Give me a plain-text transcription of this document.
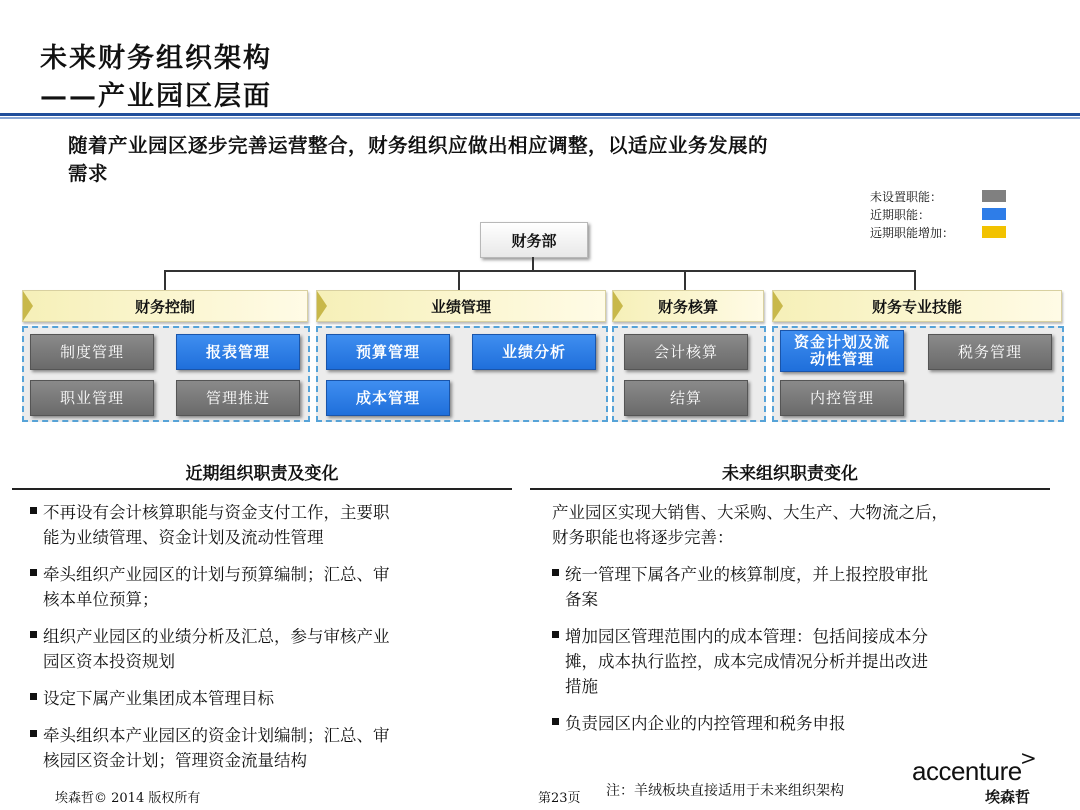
未来财务组织架构
——产业园区层面
随着产业园区逐步完善运营整合，财务组织应做出相应调整，以适应业务发展的
需求
未设置职能：
近期职能：
远期职能增加：
财务部
财务控制	业绩管理	财务核算	财务专业技能
制度管理	报表管理
职业管理	管理推进
预算管理	业绩分析
成本管理
会计核算
结算
资金计划及流动性管理	税务管理
内控管理
近期组织职责及变化
不再设有会计核算职能与资金支付工作，主要职
能为业绩管理、资金计划及流动性管理
牵头组织产业园区的计划与预算编制；汇总、审
核本单位预算；
组织产业园区的业绩分析及汇总，参与审核产业
园区资本投资规划
设定下属产业集团成本管理目标
牵头组织本产业园区的资金计划编制；汇总、审
核园区资金计划；管理资金流量结构
未来组织职责变化
产业园区实现大销售、大采购、大生产、大物流之后，
财务职能也将逐步完善：
统一管理下属各产业的核算制度，并上报控股审批
备案
增加园区管理范围内的成本管理：包括间接成本分
摊，成本执行监控，成本完成情况分析并提出改进
措施
负责园区内企业的内控管理和税务申报
埃森哲© 2014 版权所有	第23页 注：羊绒板块直接适用于未来组织架构
>
accenture
埃森哲
